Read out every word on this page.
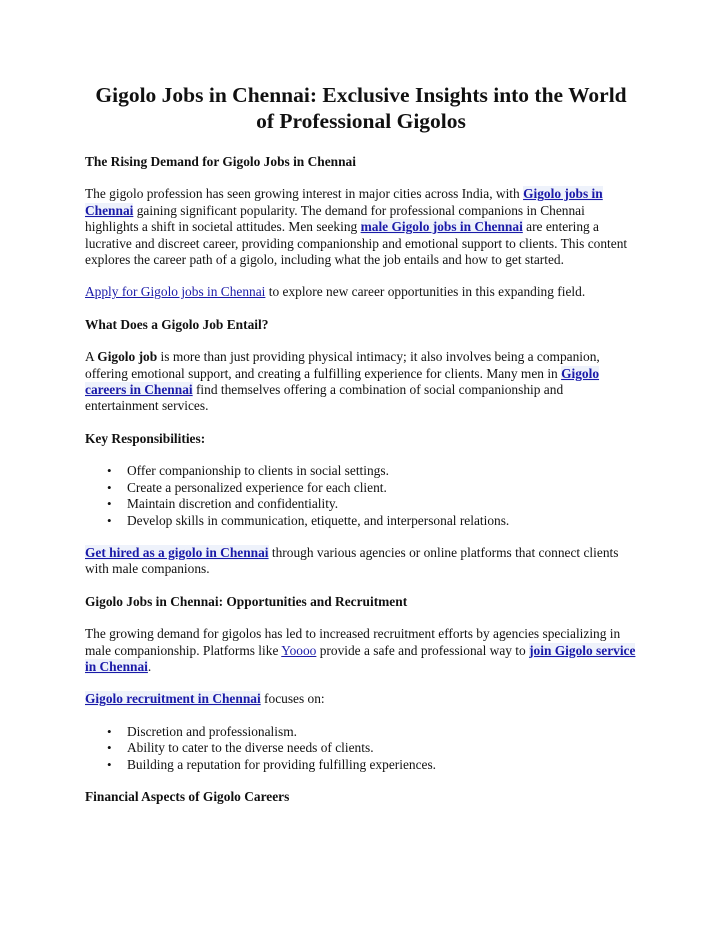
Gigolo Jobs in Chennai: Exclusive Insights into the World of Professional Gigolos
The Rising Demand for Gigolo Jobs in Chennai

The gigolo profession has seen growing interest in major cities across India, with Gigolo jobs in Chennai gaining significant popularity. The demand for professional companions in Chennai highlights a shift in societal attitudes. Men seeking male Gigolo jobs in Chennai are entering a lucrative and discreet career, providing companionship and emotional support to clients. This content explores the career path of a gigolo, including what the job entails and how to get started.

Apply for Gigolo jobs in Chennai to explore new career opportunities in this expanding field.

What Does a Gigolo Job Entail?

A Gigolo job is more than just providing physical intimacy; it also involves being a companion, offering emotional support, and creating a fulfilling experience for clients. Many men in Gigolo careers in Chennai find themselves offering a combination of social companionship and entertainment services.

Key Responsibilities:
• Offer companionship to clients in social settings.
• Create a personalized experience for each client.
• Maintain discretion and confidentiality.
• Develop skills in communication, etiquette, and interpersonal relations.

Get hired as a gigolo in Chennai through various agencies or online platforms that connect clients with male companions.

Gigolo Jobs in Chennai: Opportunities and Recruitment

The growing demand for gigolos has led to increased recruitment efforts by agencies specializing in male companionship. Platforms like Yoooo provide a safe and professional way to join Gigolo service in Chennai.

Gigolo recruitment in Chennai focuses on:

• Discretion and professionalism.
• Ability to cater to the diverse needs of clients.
• Building a reputation for providing fulfilling experiences.
Financial Aspects of Gigolo Careers
